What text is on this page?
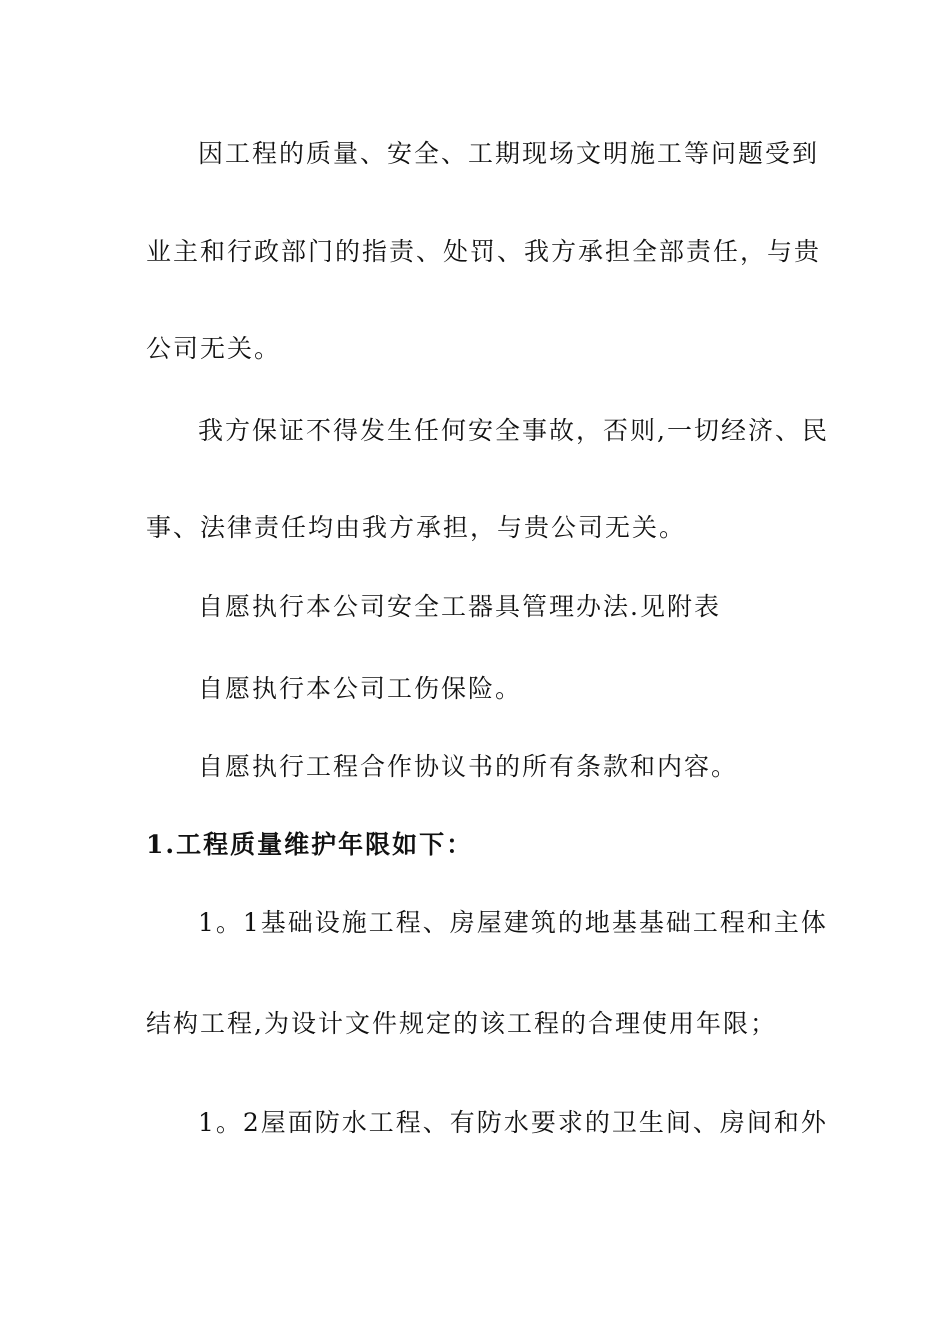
因工程的质量、安全、工期现场文明施工等问题受到
业主和行政部门的指责、处罚、我方承担全部责任，与贵
公司无关。
我方保证不得发生任何安全事故，否则,一切经济、民
事、法律责任均由我方承担，与贵公司无关。
自愿执行本公司安全工器具管理办法.见附表
自愿执行本公司工伤保险。
自愿执行工程合作协议书的所有条款和内容。
1.工程质量维护年限如下：
1。1基础设施工程、房屋建筑的地基基础工程和主体
结构工程,为设计文件规定的该工程的合理使用年限；
1。2屋面防水工程、有防水要求的卫生间、房间和外
